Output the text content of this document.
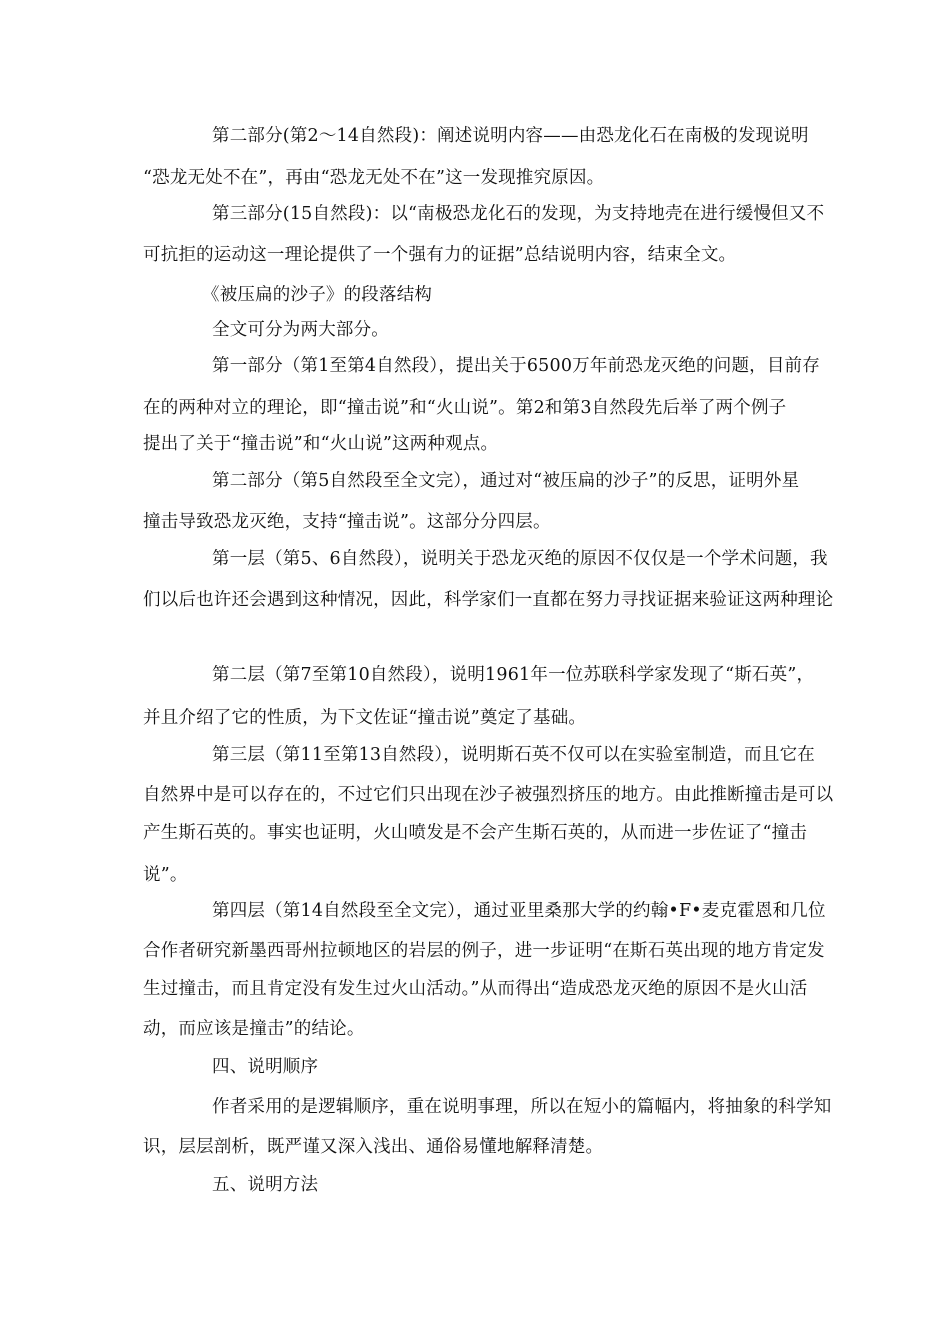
第二部分(第2～14自然段)：阐述说明内容——由恐龙化石在南极的发现说明
“恐龙无处不在”，再由“恐龙无处不在”这一发现推究原因。
第三部分(15自然段)：以“南极恐龙化石的发现，为支持地壳在进行缓慢但又不
可抗拒的运动这一理论提供了一个强有力的证据”总结说明内容，结束全文。
《被压扁的沙子》的段落结构
全文可分为两大部分。
第一部分（第1至第4自然段），提出关于6500万年前恐龙灭绝的问题，目前存
在的两种对立的理论，即“撞击说”和“火山说”。第2和第3自然段先后举了两个例子
提出了关于“撞击说”和“火山说”这两种观点。
第二部分（第5自然段至全文完），通过对“被压扁的沙子”的反思，证明外星
撞击导致恐龙灭绝，支持“撞击说”。这部分分四层。
第一层（第5、6自然段），说明关于恐龙灭绝的原因不仅仅是一个学术问题，我
们以后也许还会遇到这种情况，因此，科学家们一直都在努力寻找证据来验证这两种理论
第二层（第7至第10自然段），说明1961年一位苏联科学家发现了“斯石英”，
并且介绍了它的性质，为下文佐证“撞击说”奠定了基础。
第三层（第11至第13自然段），说明斯石英不仅可以在实验室制造，而且它在
自然界中是可以存在的，不过它们只出现在沙子被强烈挤压的地方。由此推断撞击是可以
产生斯石英的。事实也证明，火山喷发是不会产生斯石英的，从而进一步佐证了“撞击
说”。
第四层（第14自然段至全文完），通过亚里桑那大学的约翰•F•麦克霍恩和几位
合作者研究新墨西哥州拉顿地区的岩层的例子，进一步证明“在斯石英出现的地方肯定发
生过撞击，而且肯定没有发生过火山活动。”从而得出“造成恐龙灭绝的原因不是火山活
动，而应该是撞击”的结论。
四、说明顺序
作者采用的是逻辑顺序，重在说明事理，所以在短小的篇幅内，将抽象的科学知
识，层层剖析，既严谨又深入浅出、通俗易懂地解释清楚。
五、说明方法
